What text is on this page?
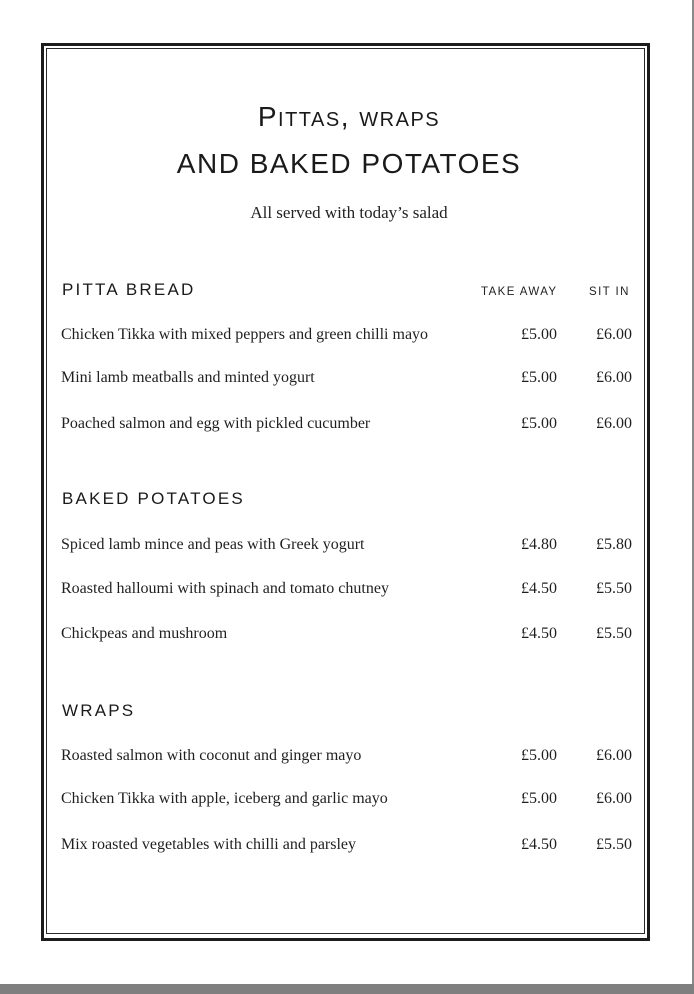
Pittas, wraps
AND BAKED POTATOES
All served with today’s salad
PITTA BREAD	TAKE AWAY	SIT IN
Chicken Tikka with mixed peppers and green chilli mayo	£5.00 £6.00
Mini lamb meatballs and minted yogurt	£5.00 £6.00
Poached salmon and egg with pickled cucumber	£5.00 £6.00
BAKED POTATOES
Spiced lamb mince and peas with Greek yogurt	£4.80 £5.80
Roasted halloumi with spinach and tomato chutney	£4.50 £5.50
Chickpeas and mushroom	£4.50 £5.50
WRAPS
Roasted salmon with coconut and ginger mayo	£5.00 £6.00
Chicken Tikka with apple, iceberg and garlic mayo	£5.00 £6.00
Mix roasted vegetables with chilli and parsley	£4.50 £5.50
